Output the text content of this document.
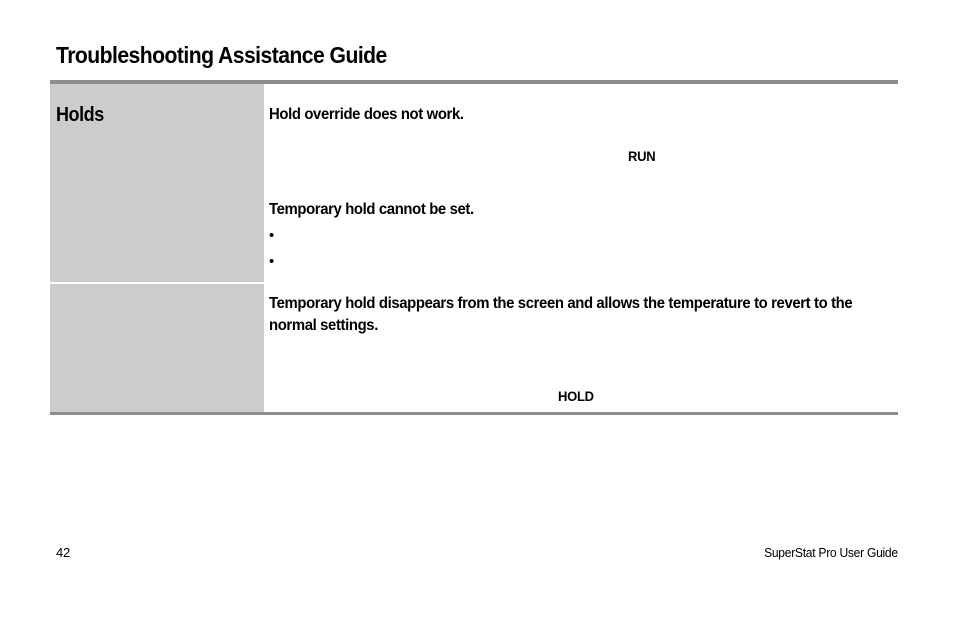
Troubleshooting Assistance Guide
Holds	Hold override does not work.
RUN
Temporary hold cannot be set.
•
•
Temporary hold disappears from the screen and allows the temperature to revert to the normal settings.
HOLD
42	SuperStat Pro User Guide
